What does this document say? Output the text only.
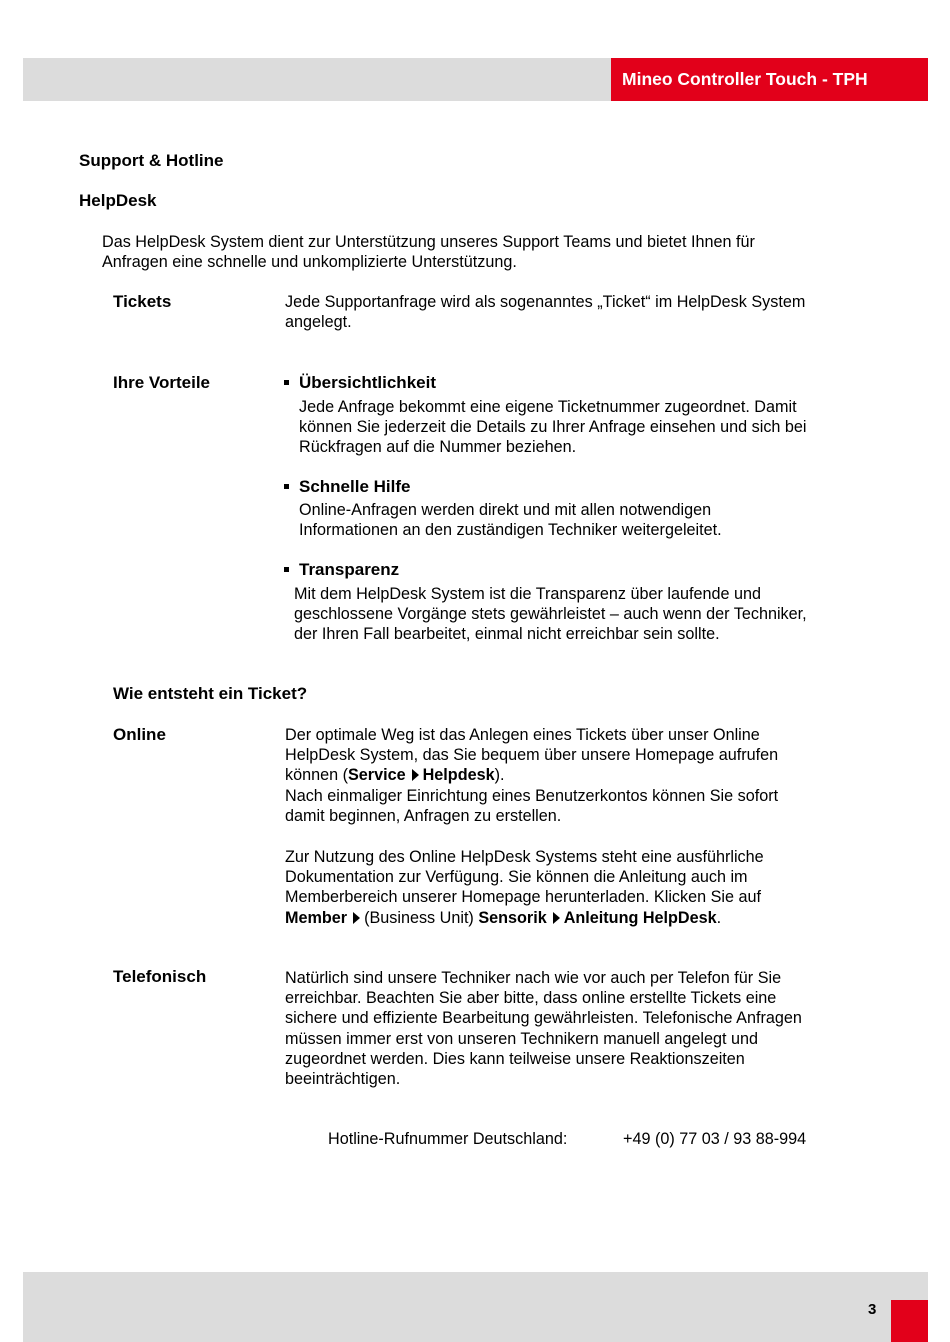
Mineo Controller Touch - TPH
Support & Hotline
HelpDesk
Das HelpDesk System dient zur Unterstützung unseres Support Teams und bietet Ihnen für
Anfragen eine schnelle und unkomplizierte Unterstützung.
Tickets	Jede Supportanfrage wird als sogenanntes „Ticket“ im HelpDesk System
angelegt.
Ihre Vorteile	Übersichtlichkeit
Jede Anfrage bekommt eine eigene Ticketnummer zugeordnet. Damit
können Sie jederzeit die Details zu Ihrer Anfrage einsehen und sich bei
Rückfragen auf die Nummer beziehen.
Schnelle Hilfe
Online-Anfragen werden direkt und mit allen notwendigen
Informationen an den zuständigen Techniker weitergeleitet.
Transparenz
Mit dem HelpDesk System ist die Transparenz über laufende und
geschlossene Vorgänge stets gewährleistet – auch wenn der Techniker,
der Ihren Fall bearbeitet, einmal nicht erreichbar sein sollte.
Wie entsteht ein Ticket?
Online	Der optimale Weg ist das Anlegen eines Tickets über unser Online
HelpDesk System, das Sie bequem über unsere Homepage aufrufen
können (Service Helpdesk).
Nach einmaliger Einrichtung eines Benutzerkontos können Sie sofort
damit beginnen, Anfragen zu erstellen.
Zur Nutzung des Online HelpDesk Systems steht eine ausführliche
Dokumentation zur Verfügung. Sie können die Anleitung auch im
Memberbereich unserer Homepage herunterladen. Klicken Sie auf
Member (Business Unit) Sensorik Anleitung HelpDesk.
Telefonisch	Natürlich sind unsere Techniker nach wie vor auch per Telefon für Sie
erreichbar. Beachten Sie aber bitte, dass online erstellte Tickets eine
sichere und effiziente Bearbeitung gewährleisten. Telefonische Anfragen
müssen immer erst von unseren Technikern manuell angelegt und
zugeordnet werden. Dies kann teilweise unsere Reaktionszeiten
beeinträchtigen.
Hotline-Rufnummer Deutschland:	+49 (0) 77 03 / 93 88-994
3
